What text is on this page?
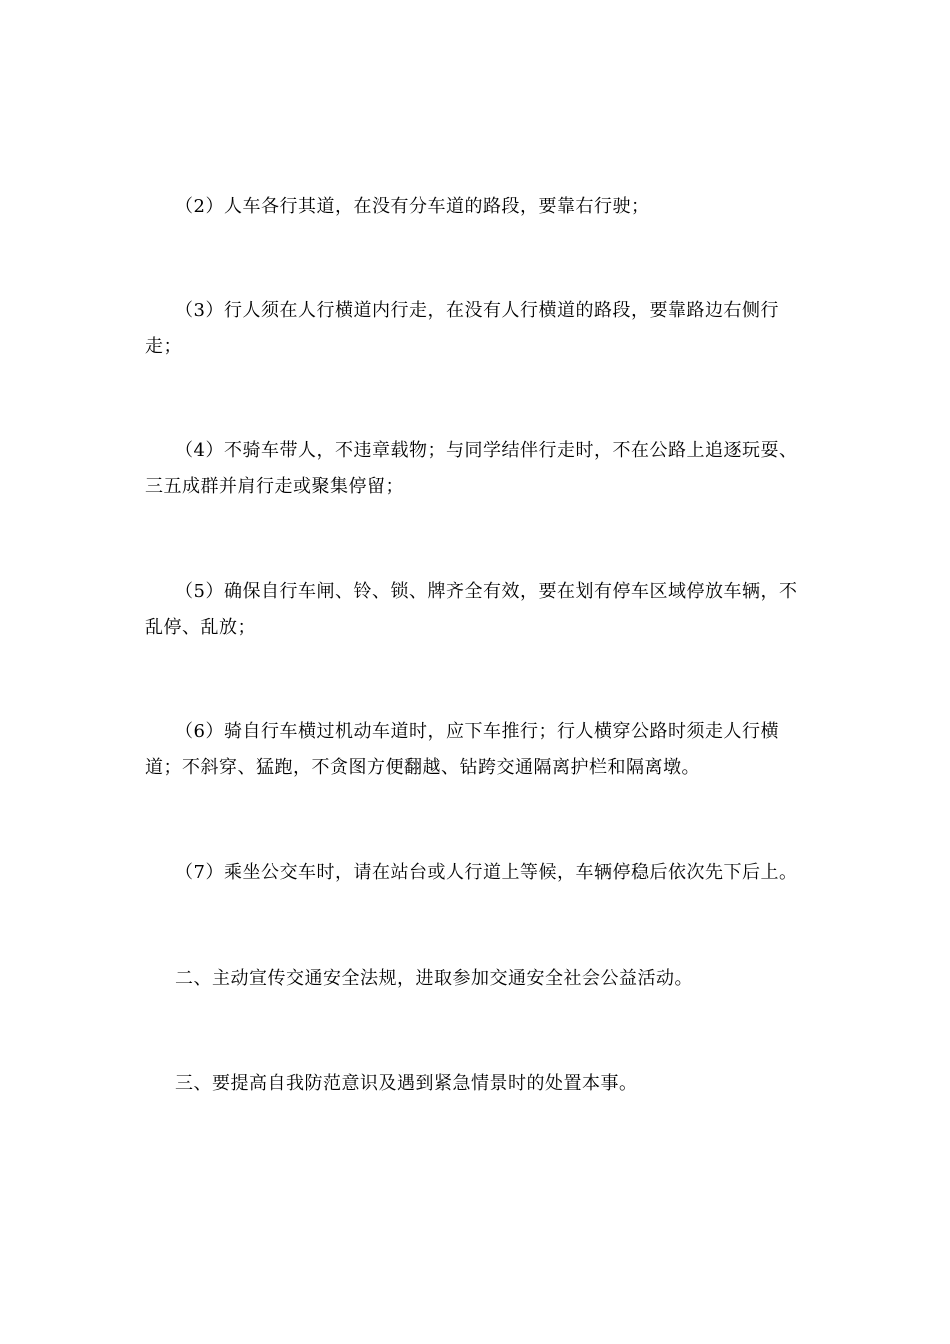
（2）人车各行其道，在没有分车道的路段，要靠右行驶；

（3）行人须在人行横道内行走，在没有人行横道的路段，要靠路边右侧行走；

（4）不骑车带人，不违章载物；与同学结伴行走时，不在公路上追逐玩耍、三五成群并肩行走或聚集停留；

（5）确保自行车闸、铃、锁、牌齐全有效，要在划有停车区域停放车辆，不乱停、乱放；

（6）骑自行车横过机动车道时，应下车推行；行人横穿公路时须走人行横道；不斜穿、猛跑，不贪图方便翻越、钻跨交通隔离护栏和隔离墩。

（7）乘坐公交车时，请在站台或人行道上等候，车辆停稳后依次先下后上。

二、主动宣传交通安全法规，进取参加交通安全社会公益活动。

三、要提高自我防范意识及遇到紧急情景时的处置本事。
